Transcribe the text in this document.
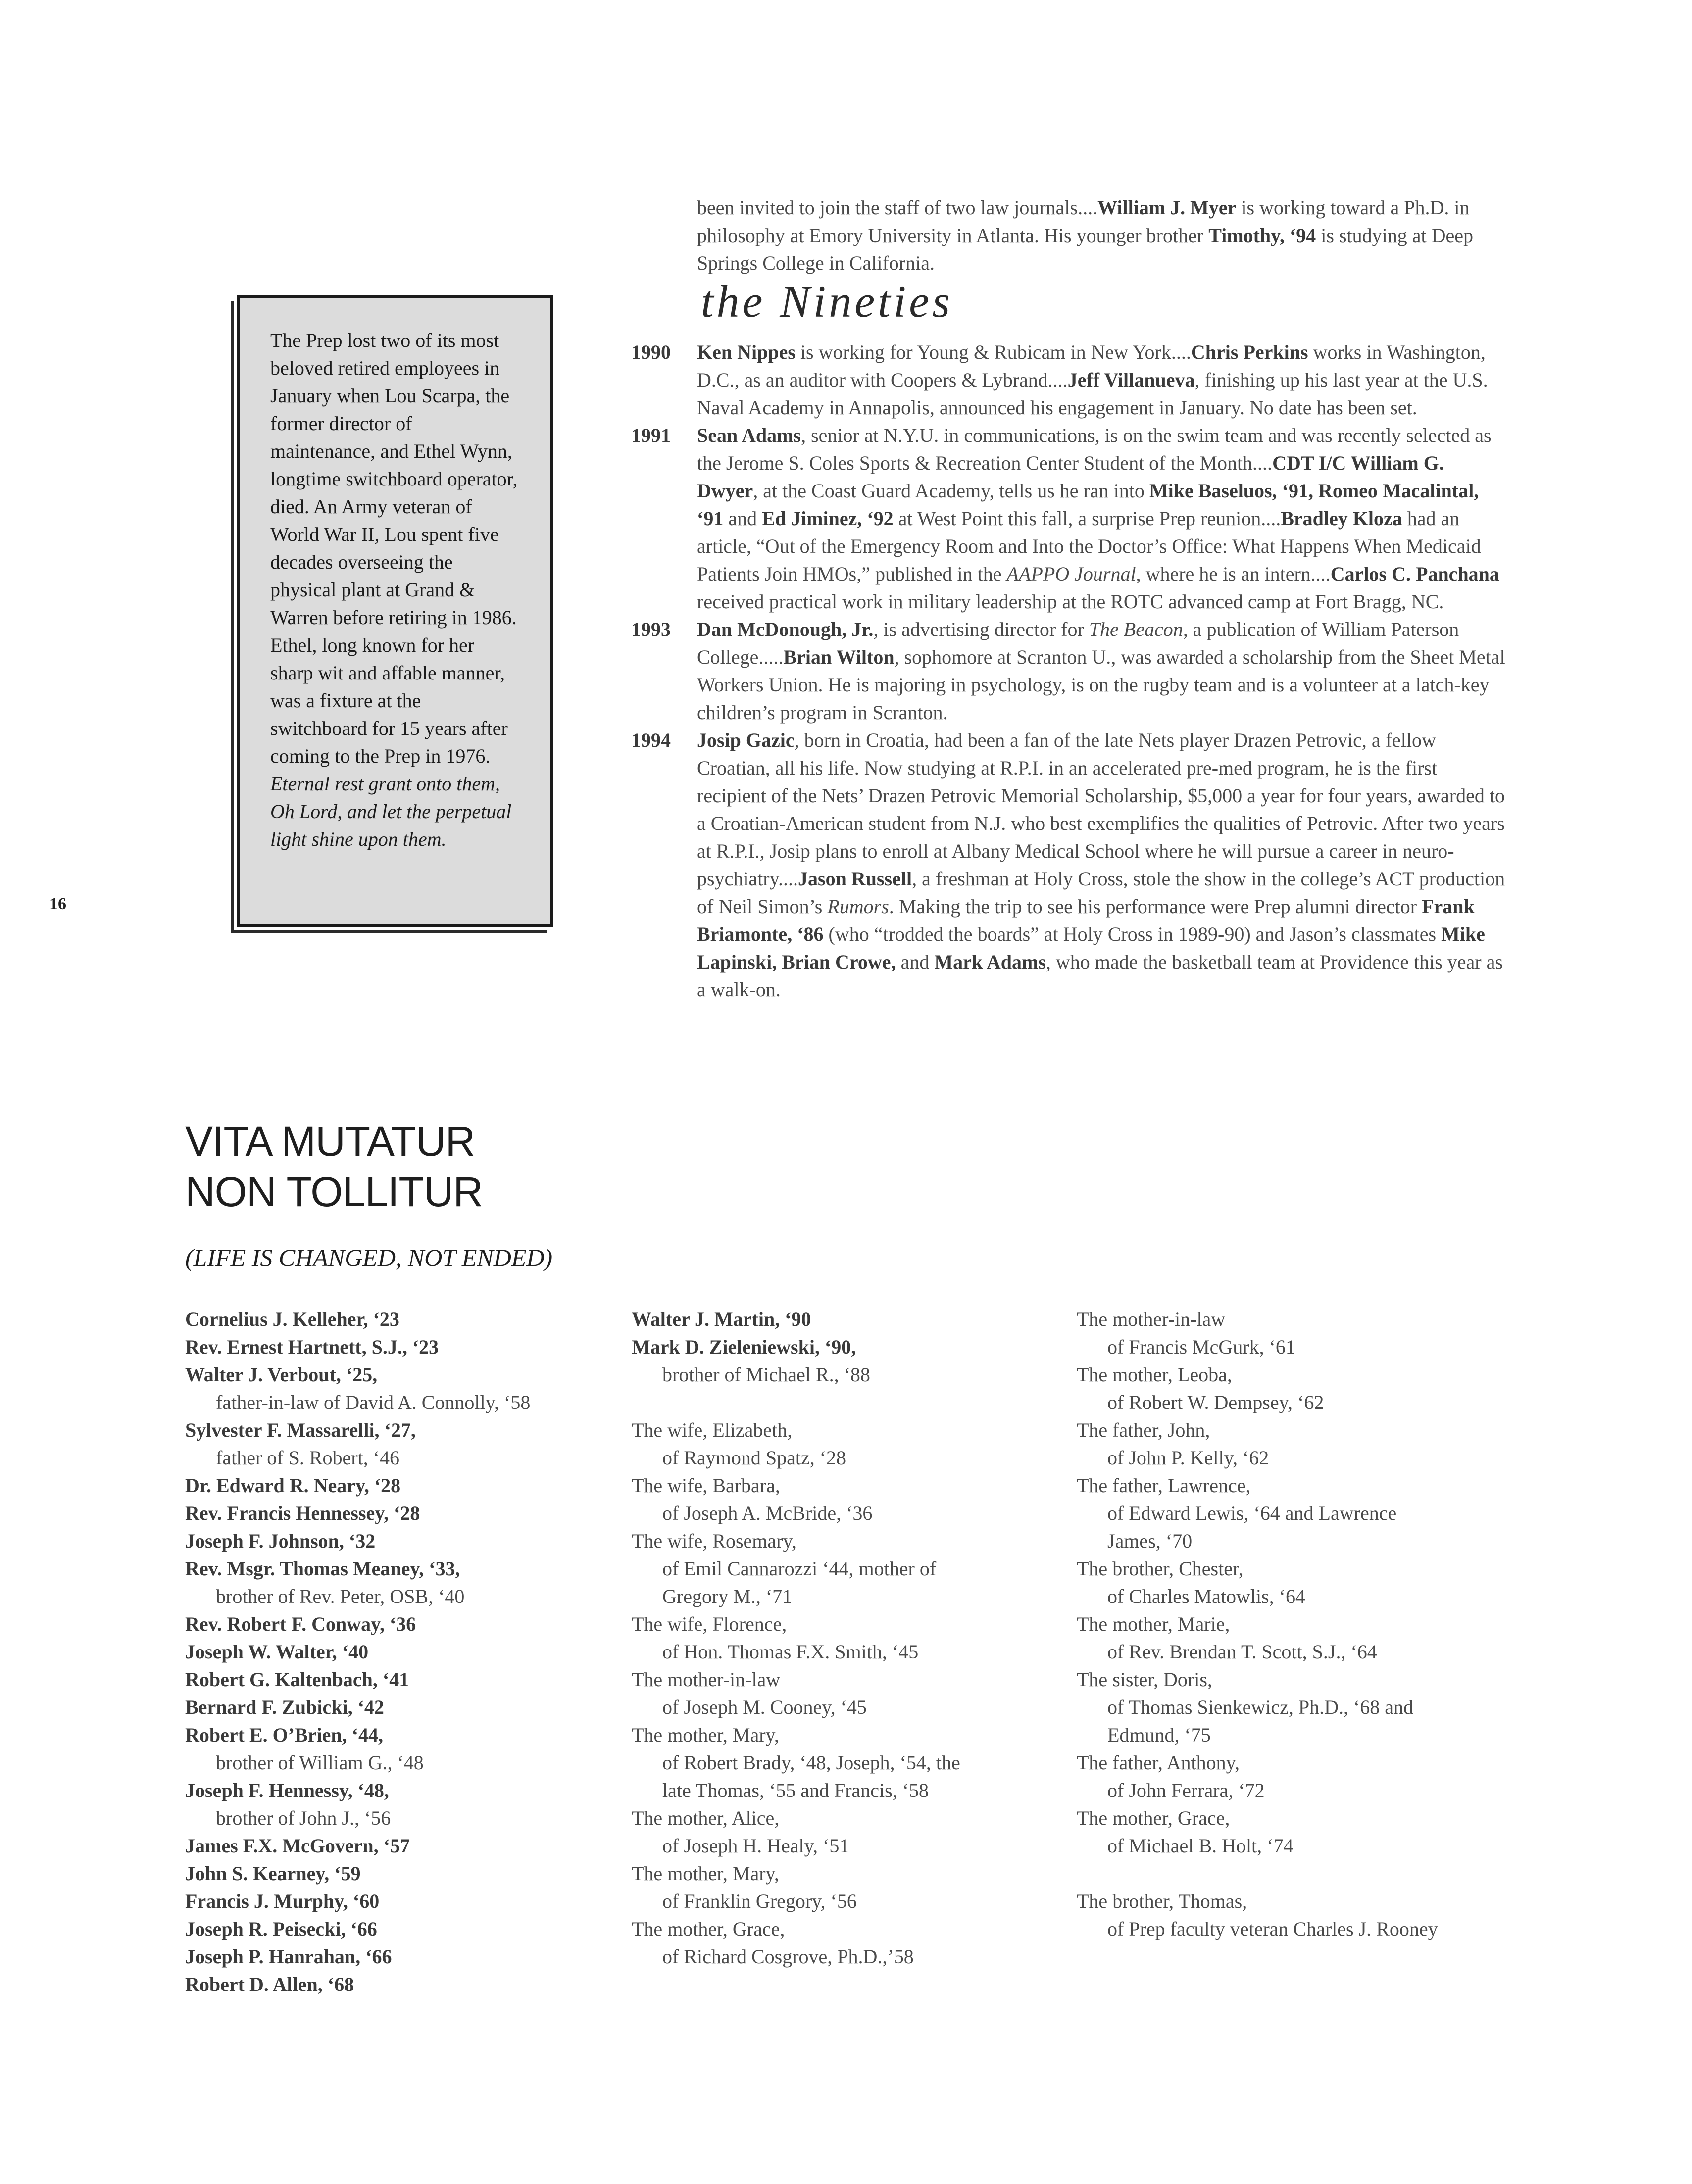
16

The Prep lost two of its most beloved retired employees in January when Lou Scarpa, the former director of maintenance, and Ethel Wynn, longtime switchboard operator, died. An Army veteran of World War II, Lou spent five decades overseeing the physical plant at Grand & Warren before retiring in 1986. Ethel, long known for her sharp wit and affable manner, was a fixture at the switchboard for 15 years after coming to the Prep in 1976. Eternal rest grant onto them, Oh Lord, and let the perpetual light shine upon them.

been invited to join the staff of two law journals....William J. Myer is working toward a Ph.D. in philosophy at Emory University in Atlanta. His younger brother Timothy, ‘94 is studying at Deep Springs College in California.

the Nineties
1990	Ken Nippes is working for Young & Rubicam in New York....Chris Perkins works in Washington, D.C., as an auditor with Coopers & Lybrand....Jeff Villanueva, finishing up his last year at the U.S. Naval Academy in Annapolis, announced his engagement in January. No date has been set.

1991	Sean Adams, senior at N.Y.U. in communications, is on the swim team and was recently selected as the Jerome S. Coles Sports & Recreation Center Student of the Month....CDT I/C William G. Dwyer, at the Coast Guard Academy, tells us he ran into Mike Baseluos, ‘91, Romeo Macalintal, ‘91 and Ed Jiminez, ‘92 at West Point this fall, a surprise Prep reunion....Bradley Kloza had an article, “Out of the Emergency Room and Into the Doctor’s Office: What Happens When Medicaid Patients Join HMOs,” published in the AAPPO Journal, where he is an intern....Carlos C. Panchana received practical work in military leadership at the ROTC advanced camp at Fort Bragg, NC.

1993	Dan McDonough, Jr., is advertising director for The Beacon, a publication of William Paterson College.....Brian Wilton, sophomore at Scranton U., was awarded a scholarship from the Sheet Metal Workers Union. He is majoring in psychology, is on the rugby team and is a volunteer at a latch-key children’s program in Scranton.

1994	Josip Gazic, born in Croatia, had been a fan of the late Nets player Drazen Petrovic, a fellow Croatian, all his life. Now studying at R.P.I. in an accelerated pre-med program, he is the first recipient of the Nets’ Drazen Petrovic Memorial Scholarship, $5,000 a year for four years, awarded to a Croatian-American student from N.J. who best exemplifies the qualities of Petrovic. After two years at R.P.I., Josip plans to enroll at Albany Medical School where he will pursue a career in neuro-psychiatry....Jason Russell, a freshman at Holy Cross, stole the show in the college’s ACT production of Neil Simon’s Rumors. Making the trip to see his performance were Prep alumni director Frank Briamonte, ‘86 (who “trodded the boards” at Holy Cross in 1989-90) and Jason’s classmates Mike Lapinski, Brian Crowe, and Mark Adams, who made the basketball team at Providence this year as a walk-on.

VITA MUTATUR
NON TOLLITUR
(LIFE IS CHANGED, NOT ENDED)
Cornelius J. Kelleher, ‘23
Rev. Ernest Hartnett, S.J., ‘23
Walter J. Verbout, ‘25,
father-in-law of David A. Connolly, ‘58
Sylvester F. Massarelli, ‘27,
father of S. Robert, ‘46
Dr. Edward R. Neary, ‘28
Rev. Francis Hennessey, ‘28
Joseph F. Johnson, ‘32
Rev. Msgr. Thomas Meaney, ‘33,
brother of Rev. Peter, OSB, ‘40
Rev. Robert F. Conway, ‘36
Joseph W. Walter, ‘40
Robert G. Kaltenbach, ‘41
Bernard F. Zubicki, ‘42
Robert E. O’Brien, ‘44,
brother of William G., ‘48
Joseph F. Hennessy, ‘48,
brother of John J., ‘56
James F.X. McGovern, ‘57
John S. Kearney, ‘59
Francis J. Murphy, ‘60
Joseph R. Peisecki, ‘66
Joseph P. Hanrahan, ‘66
Robert D. Allen, ‘68
Walter J. Martin, ‘90
Mark D. Zieleniewski, ‘90,
brother of Michael R., ‘88
The wife, Elizabeth,
of Raymond Spatz, ‘28
The wife, Barbara,
of Joseph A. McBride, ‘36
The wife, Rosemary,
of Emil Cannarozzi ‘44, mother of
Gregory M., ‘71
The wife, Florence,
of Hon. Thomas F.X. Smith, ‘45
The mother-in-law
of Joseph M. Cooney, ‘45
The mother, Mary,
of Robert Brady, ‘48, Joseph, ‘54, the
late Thomas, ‘55 and Francis, ‘58
The mother, Alice,
of Joseph H. Healy, ‘51
The mother, Mary,
of Franklin Gregory, ‘56
The mother, Grace,
of Richard Cosgrove, Ph.D.,’58
The mother-in-law
of Francis McGurk, ‘61
The mother, Leoba,
of Robert W. Dempsey, ‘62
The father, John,
of John P. Kelly, ‘62
The father, Lawrence,
of Edward Lewis, ‘64 and Lawrence
James, ‘70
The brother, Chester,
of Charles Matowlis, ‘64
The mother, Marie,
of Rev. Brendan T. Scott, S.J., ‘64
The sister, Doris,
of Thomas Sienkewicz, Ph.D., ‘68 and
Edmund, ‘75
The father, Anthony,
of John Ferrara, ‘72
The mother, Grace,
of Michael B. Holt, ‘74
The brother, Thomas,
of Prep faculty veteran Charles J. Rooney
